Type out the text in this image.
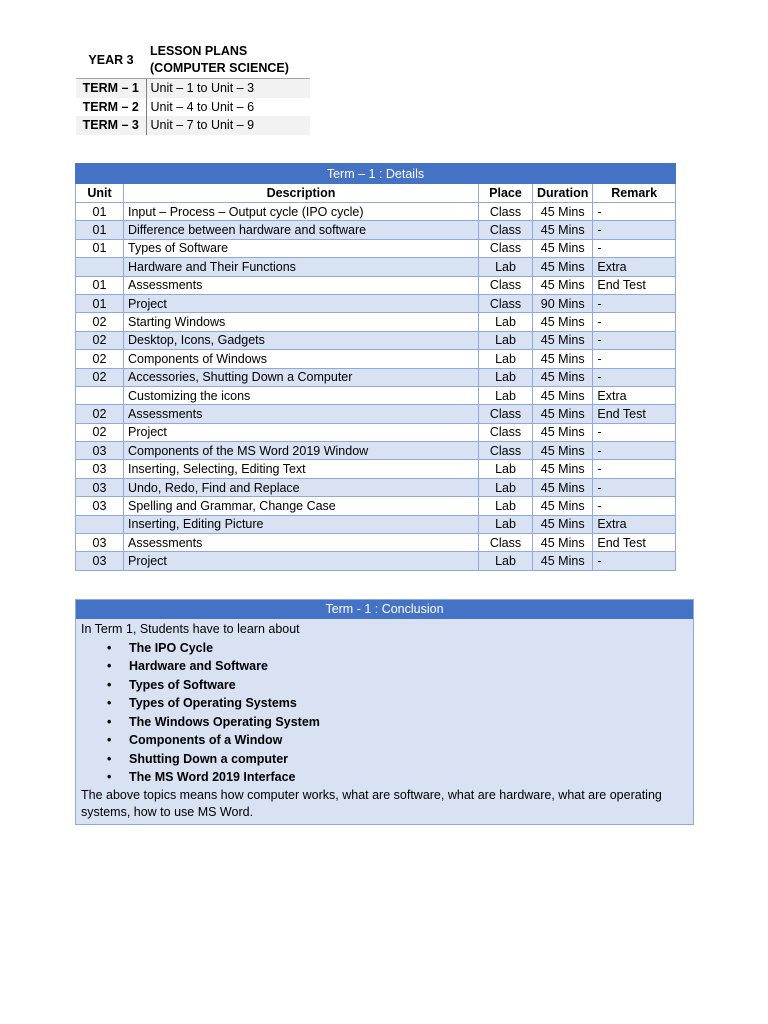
YEAR 3	LESSON PLANS
(COMPUTER SCIENCE)

TERM – 1	Unit – 1 to Unit – 3
TERM – 2	Unit – 4 to Unit – 6
TERM – 3	Unit – 7 to Unit – 9
Term – 1 : Details				
Unit	Description	Place	Duration	Remark
01	Input – Process – Output cycle (IPO cycle)	Class	45 Mins	-
01	Difference between hardware and software	Class	45 Mins	-
01	Types of Software	Class	45 Mins	-
	Hardware and Their Functions	Lab	45 Mins	Extra
01	Assessments	Class	45 Mins	End Test
01	Project	Class	90 Mins	-
02	Starting Windows	Lab	45 Mins	-
02	Desktop, Icons, Gadgets	Lab	45 Mins	-
02	Components of Windows	Lab	45 Mins	-
02	Accessories, Shutting Down a Computer	Lab	45 Mins	-
	Customizing the icons	Lab	45 Mins	Extra
02	Assessments	Class	45 Mins	End Test
02	Project	Class	45 Mins	-
03	Components of the MS Word 2019 Window	Class	45 Mins	-
03	Inserting, Selecting, Editing Text	Lab	45 Mins	-
03	Undo, Redo, Find and Replace	Lab	45 Mins	-
03	Spelling and Grammar, Change Case	Lab	45 Mins	-
	Inserting, Editing Picture	Lab	45 Mins	Extra
03	Assessments	Class	45 Mins	End Test
03	Project	Lab	45 Mins	-
Term - 1 : Conclusion
In Term 1, Students have to learn about
• The IPO Cycle
• Hardware and Software
• Types of Software
• Types of Operating Systems
• The Windows Operating System
• Components of a Window
• Shutting Down a computer
• The MS Word 2019 Interface
The above topics means how computer works, what are software, what are hardware, what are operating systems, how to use MS Word.
